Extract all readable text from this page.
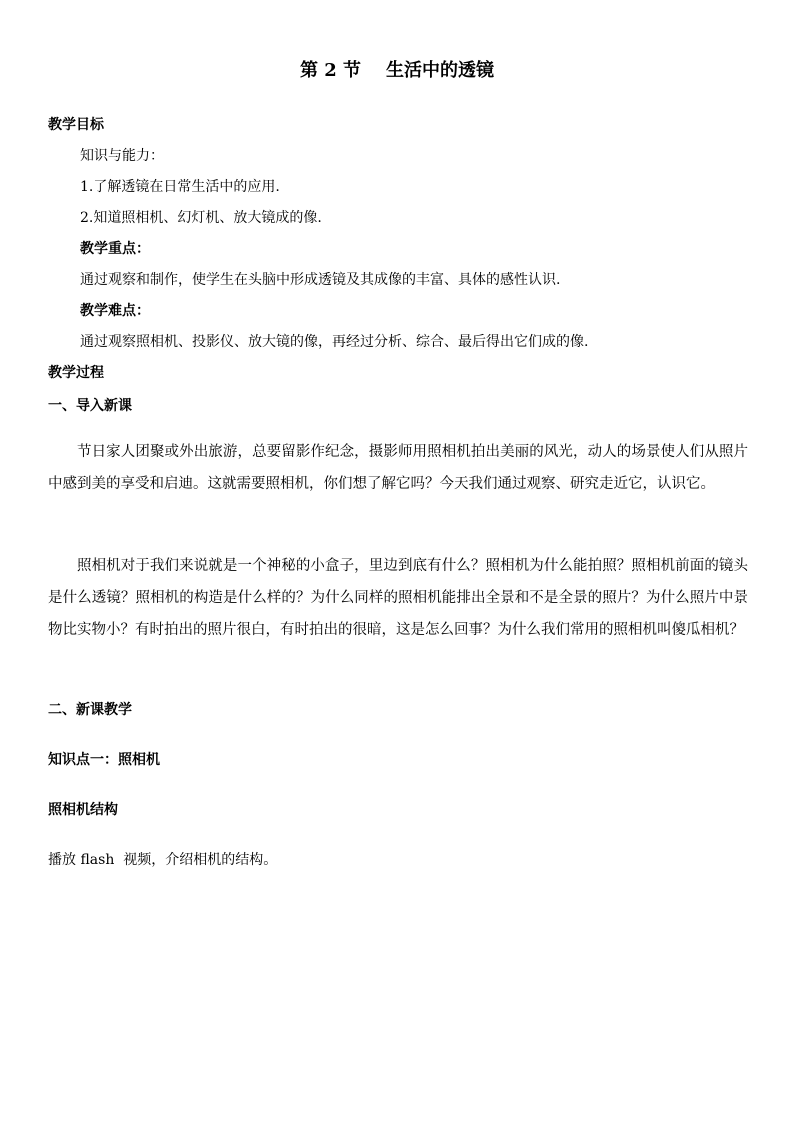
第 2 节    生活中的透镜
教学目标
知识与能力：
1.了解透镜在日常生活中的应用.
2.知道照相机、幻灯机、放大镜成的像.
教学重点：
通过观察和制作，使学生在头脑中形成透镜及其成像的丰富、具体的感性认识.
教学难点：
通过观察照相机、投影仪、放大镜的像，再经过分析、综合、最后得出它们成的像.
教学过程
一、导入新课

节日家人团聚或外出旅游，总要留影作纪念，摄影师用照相机拍出美丽的风光，动人的场景使人们从照片中感到美的享受和启迪。这就需要照相机，你们想了解它吗？今天我们通过观察、研究走近它，认识它。

照相机对于我们来说就是一个神秘的小盒子，里边到底有什么？照相机为什么能拍照？照相机前面的镜头是什么透镜？照相机的构造是什么样的？为什么同样的照相机能排出全景和不是全景的照片？为什么照片中景物比实物小？有时拍出的照片很白，有时拍出的很暗，这是怎么回事？为什么我们常用的照相机叫傻瓜相机？

二、新课教学
知识点一：照相机
照相机结构
播放 flash  视频，介绍相机的结构。
